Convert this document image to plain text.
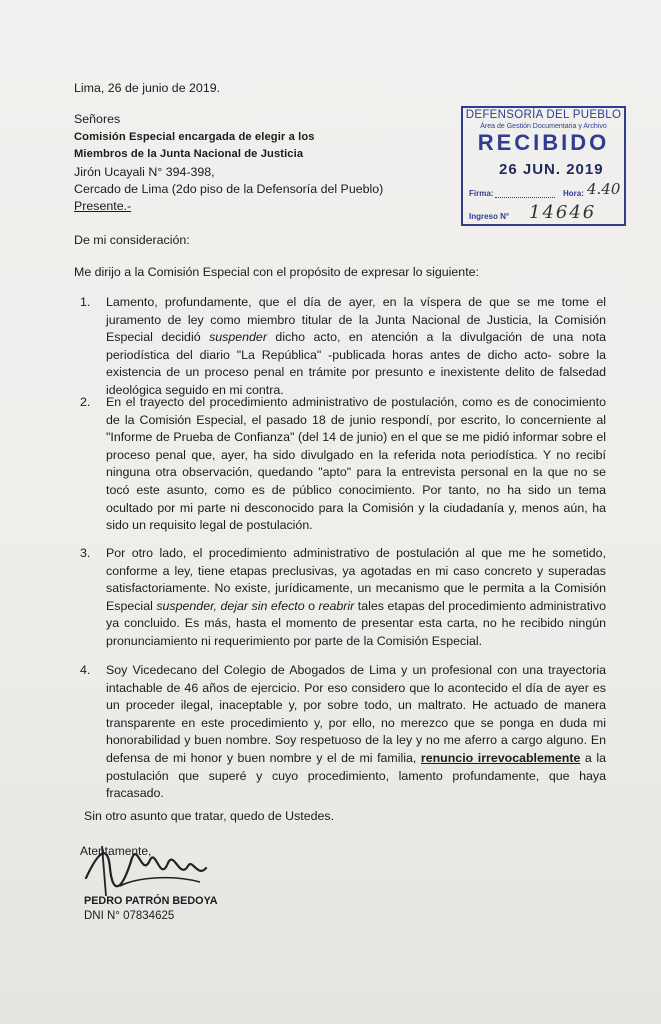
Lima, 26 de junio de 2019.
Señores
Comisión Especial encargada de elegir a los
Miembros de la Junta Nacional de Justicia
Jirón Ucayali N° 394-398,
Cercado de Lima (2do piso de la Defensoría del Pueblo)
Presente.-
De mi consideración:
Me dirijo a la Comisión Especial con el propósito de expresar lo siguiente:
1. Lamento, profundamente, que el día de ayer, en la víspera de que se me tome el juramento de ley como miembro titular de la Junta Nacional de Justicia, la Comisión Especial decidió suspender dicho acto, en atención a la divulgación de una nota periodística del diario "La República" -publicada horas antes de dicho acto- sobre la existencia de un proceso penal en trámite por presunto e inexistente delito de falsedad ideológica seguido en mi contra.
2. En el trayecto del procedimiento administrativo de postulación, como es de conocimiento de la Comisión Especial, el pasado 18 de junio respondí, por escrito, lo concerniente al "Informe de Prueba de Confianza" (del 14 de junio) en el que se me pidió informar sobre el proceso penal que, ayer, ha sido divulgado en la referida nota periodística. Y no recibí ninguna otra observación, quedando "apto" para la entrevista personal en la que no se tocó este asunto, como es de público conocimiento. Por tanto, no ha sido un tema ocultado por mi parte ni desconocido para la Comisión y la ciudadanía y, menos aún, ha sido un requisito legal de postulación.
3. Por otro lado, el procedimiento administrativo de postulación al que me he sometido, conforme a ley, tiene etapas preclusivas, ya agotadas en mi caso concreto y superadas satisfactoriamente. No existe, jurídicamente, un mecanismo que le permita a la Comisión Especial suspender, dejar sin efecto o reabrir tales etapas del procedimiento administrativo ya concluido. Es más, hasta el momento de presentar esta carta, no he recibido ningún pronunciamiento ni requerimiento por parte de la Comisión Especial.
4. Soy Vicedecano del Colegio de Abogados de Lima y un profesional con una trayectoria intachable de 46 años de ejercicio. Por eso considero que lo acontecido el día de ayer es un proceder ilegal, inaceptable y, por sobre todo, un maltrato. He actuado de manera transparente en este procedimiento y, por ello, no merezco que se ponga en duda mi honorabilidad y buen nombre. Soy respetuoso de la ley y no me aferro a cargo alguno. En defensa de mi honor y buen nombre y el de mi familia, renuncio irrevocablemente a la postulación que superé y cuyo procedimiento, lamento profundamente, que haya fracasado.
Sin otro asunto que tratar, quedo de Ustedes.
Atentamente,
PEDRO PATRÓN BEDOYA
DNI N° 07834625
DEFENSORÍA DEL PUEBLO
Área de Gestión Documentaria y Archivo
RECIBIDO
26 JUN. 2019
Firma:	Hora: 4.40
Ingreso N° 14646
